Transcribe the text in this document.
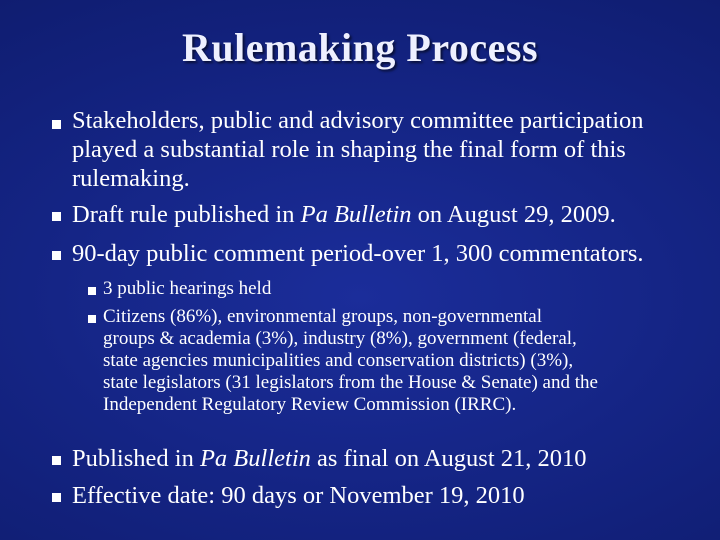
Rulemaking Process
Stakeholders, public and advisory committee participation
played a substantial role in shaping the final form of this
rulemaking.
Draft rule published in Pa Bulletin on August 29, 2009.
90-day public comment period-over 1, 300 commentators.
3 public hearings held
Citizens (86%), environmental groups, non-governmental
groups & academia (3%), industry (8%), government (federal,
state agencies municipalities and conservation districts) (3%),
state legislators (31 legislators from the House & Senate) and the
Independent Regulatory Review Commission (IRRC).
Published in Pa Bulletin as final on August 21, 2010
Effective date: 90 days or November 19, 2010
